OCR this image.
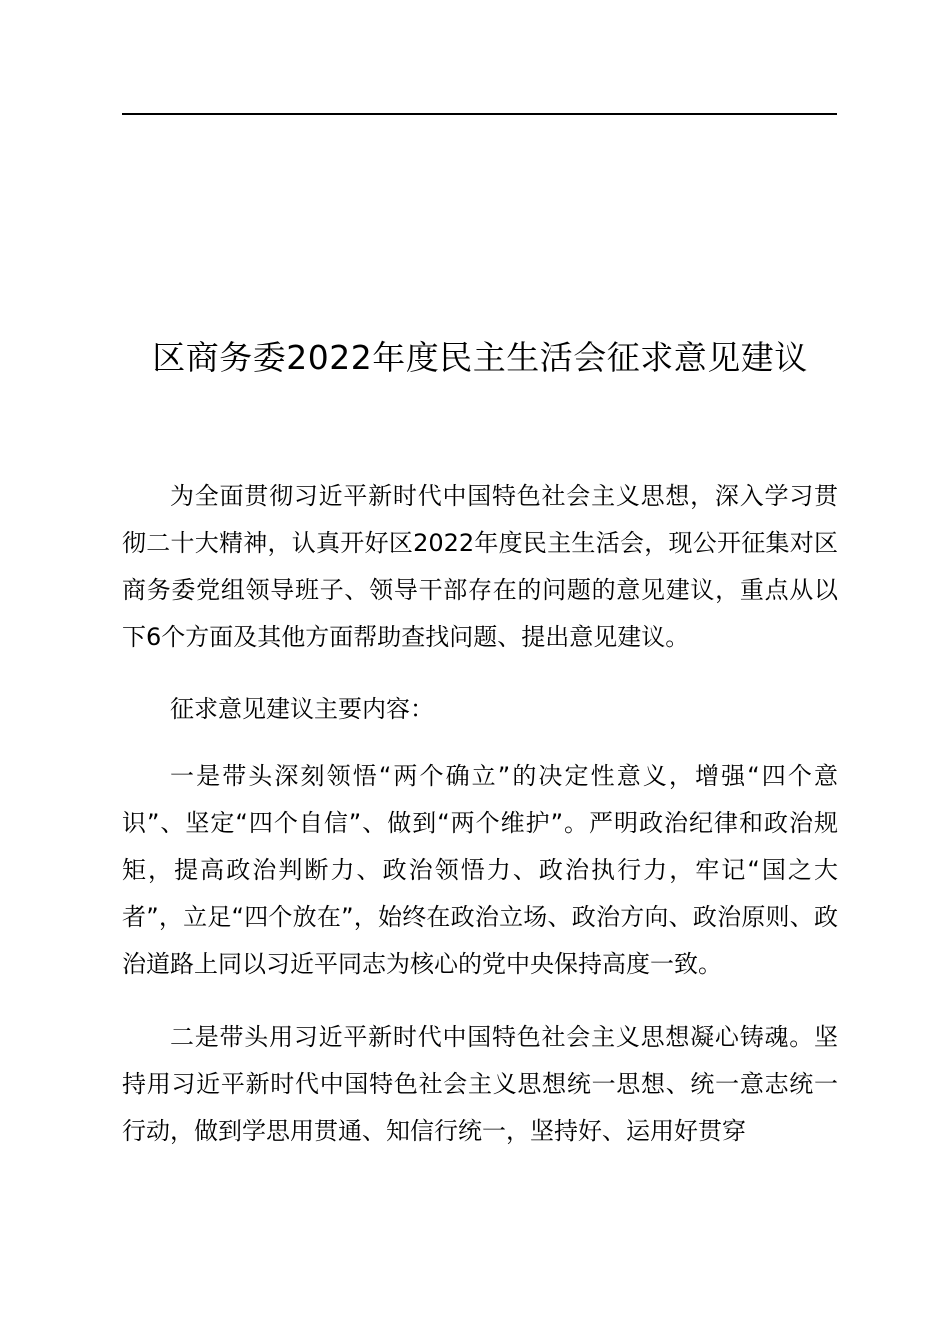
区商务委2022年度民主生活会征求意见建议

为全面贯彻习近平新时代中国特色社会主义思想，深入学习贯彻二十大精神，认真开好区2022年度民主生活会，现公开征集对区商务委党组领导班子、领导干部存在的问题的意见建议，重点从以下6个方面及其他方面帮助查找问题、提出意见建议。

征求意见建议主要内容：

一是带头深刻领悟“两个确立”的决定性意义，增强“四个意识”、坚定“四个自信”、做到“两个维护”。严明政治纪律和政治规矩，提高政治判断力、政治领悟力、政治执行力，牢记“国之大者”，立足“四个放在”，始终在政治立场、政治方向、政治原则、政治道路上同以习近平同志为核心的党中央保持高度一致。

二是带头用习近平新时代中国特色社会主义思想凝心铸魂。坚持用习近平新时代中国特色社会主义思想统一思想、统一意志统一行动，做到学思用贯通、知信行统一，坚持好、运用好贯穿
